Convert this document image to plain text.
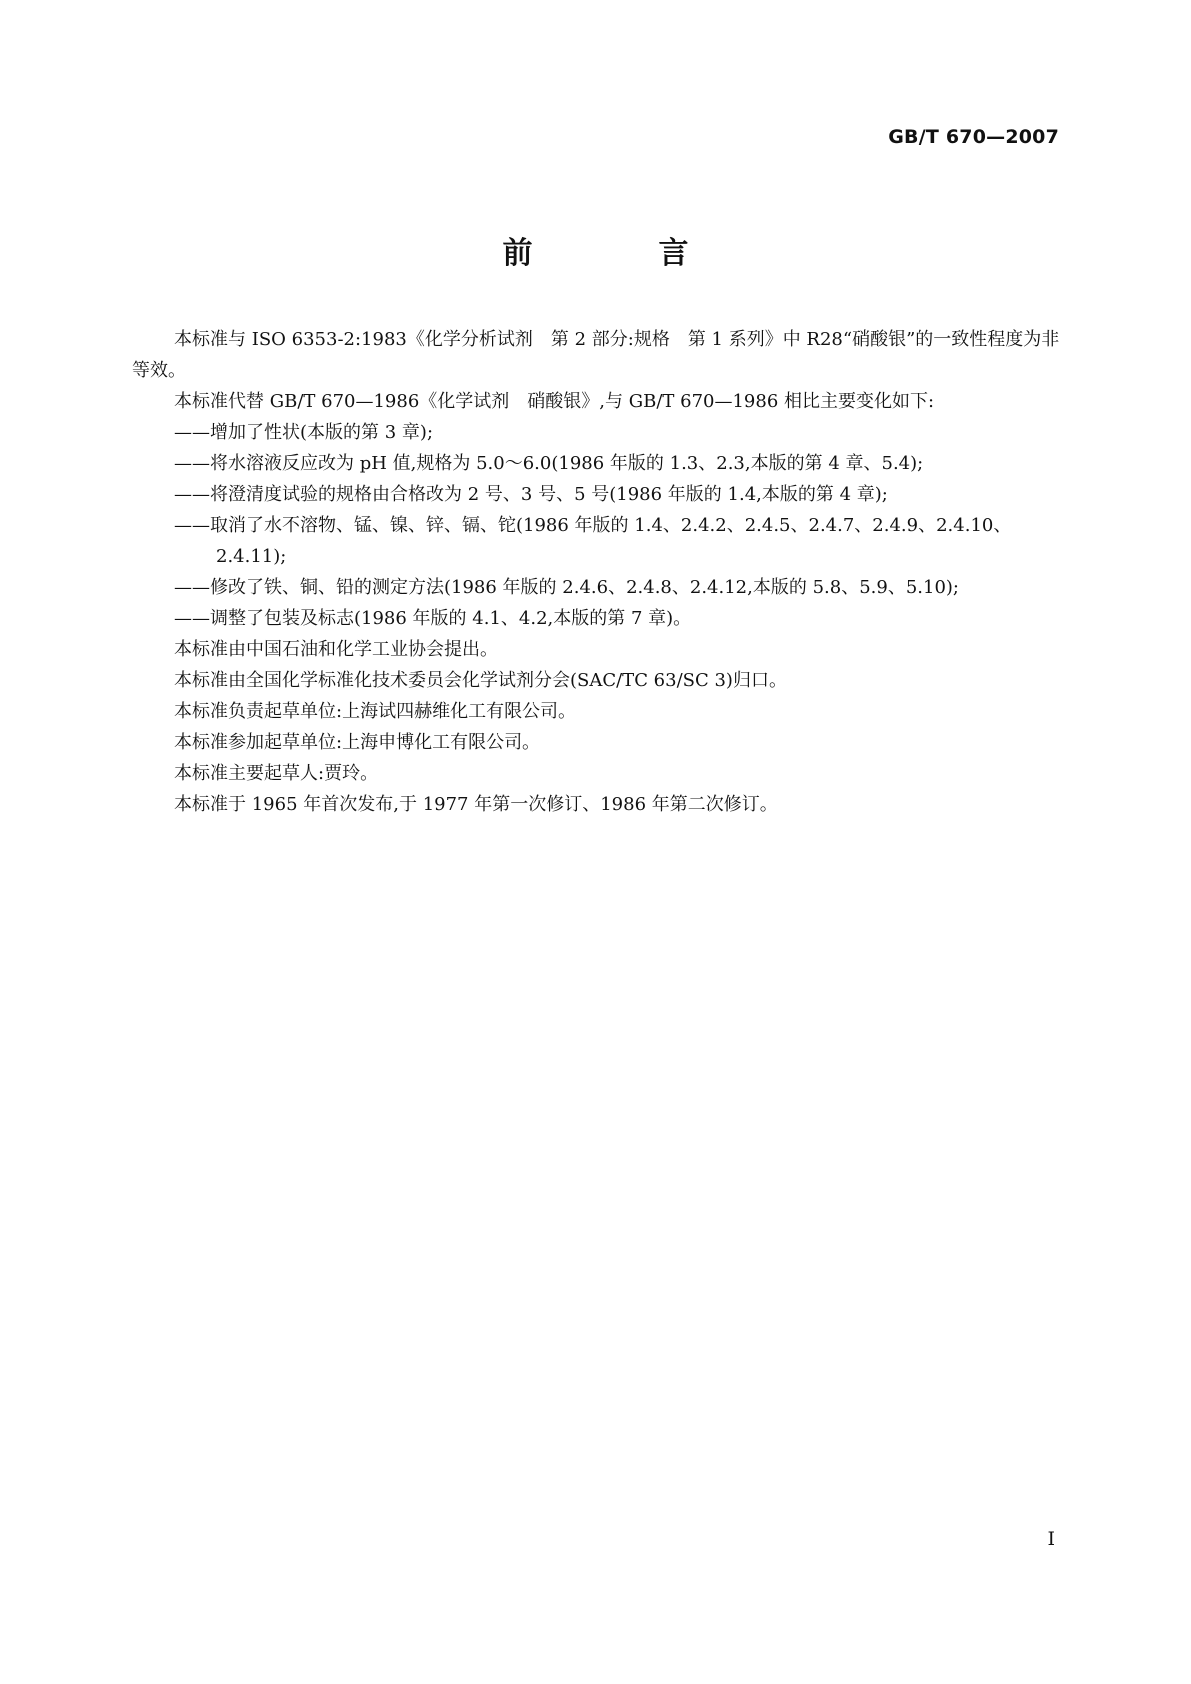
GB/T 670—2007
前　言

本标准与 ISO 6353-2:1983《化学分析试剂　第 2 部分:规格　第 1 系列》中 R28“硝酸银”的一致性程度为非等效。

本标准代替 GB/T 670—1986《化学试剂　硝酸银》,与 GB/T 670—1986 相比主要变化如下:

——增加了性状(本版的第 3 章);

——将水溶液反应改为 pH 值,规格为 5.0～6.0(1986 年版的 1.3、2.3,本版的第 4 章、5.4);

——将澄清度试验的规格由合格改为 2 号、3 号、5 号(1986 年版的 1.4,本版的第 4 章);

——取消了水不溶物、锰、镍、锌、镉、铊(1986 年版的 1.4、2.4.2、2.4.5、2.4.7、2.4.9、2.4.10、2.4.11);

——修改了铁、铜、铅的测定方法(1986 年版的 2.4.6、2.4.8、2.4.12,本版的 5.8、5.9、5.10);

——调整了包装及标志(1986 年版的 4.1、4.2,本版的第 7 章)。

本标准由中国石油和化学工业协会提出。

本标准由全国化学标准化技术委员会化学试剂分会(SAC/TC 63/SC 3)归口。

本标准负责起草单位:上海试四赫维化工有限公司。

本标准参加起草单位:上海申博化工有限公司。

本标准主要起草人:贾玲。

本标准于 1965 年首次发布,于 1977 年第一次修订、1986 年第二次修订。

I
